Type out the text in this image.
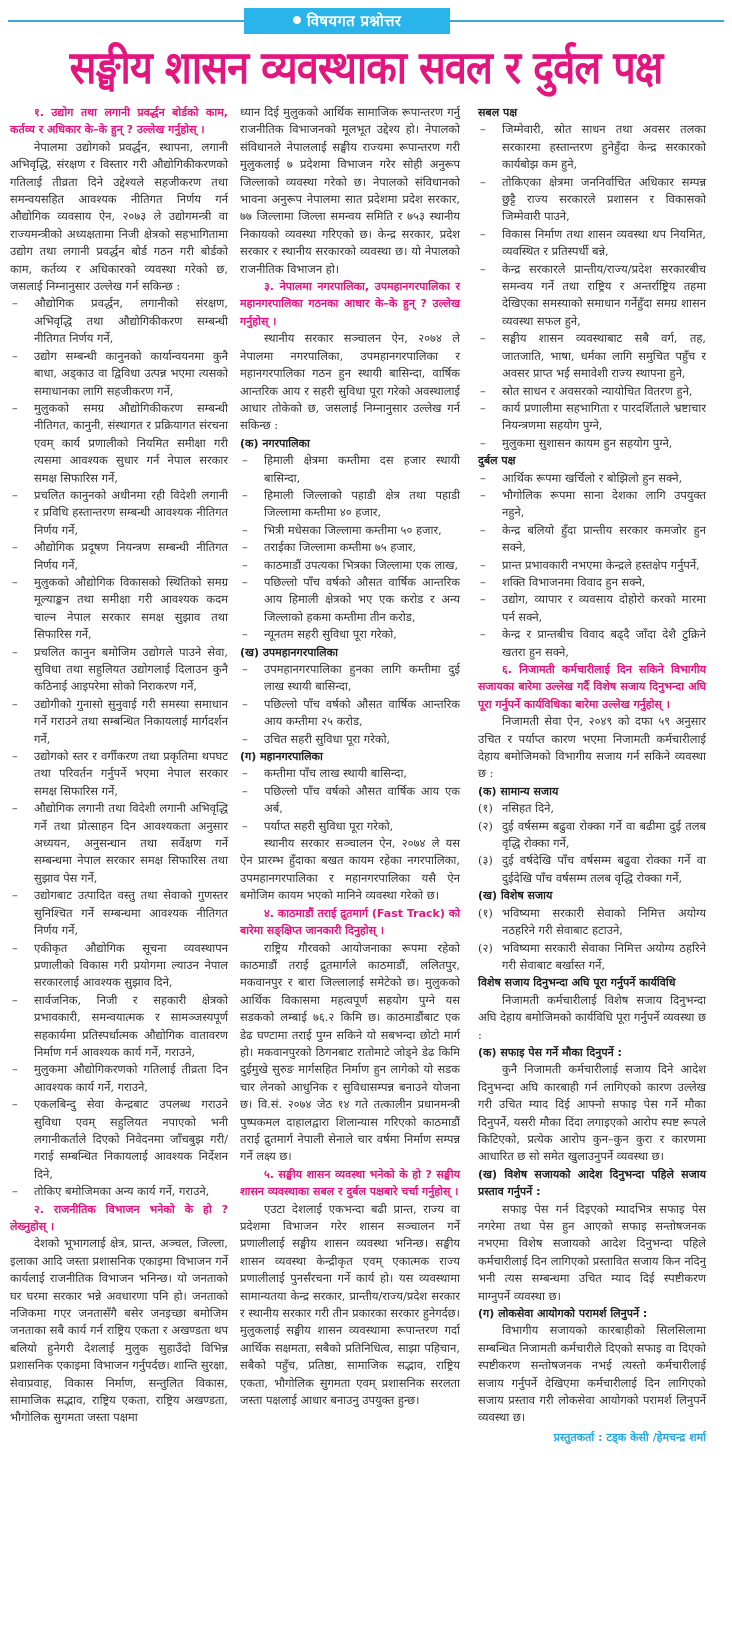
विषयगत प्रश्नोत्तर
सङ्घीय शासन व्यवस्थाका सवल र दुर्वल पक्ष

१. उद्योग तथा लगानी प्रवर्द्धन बोर्डको काम, कर्तव्य र अधिकार के–के हुन् ? उल्लेख गर्नुहोस् ।

नेपालमा उद्योगको प्रवर्द्धन, स्थापना, लगानी अभिवृद्धि, संरक्षण र विस्तार गरी औद्योगिकीकरणको गतिलाई तीव्रता दिने उद्देश्यले सहजीकरण तथा समन्वयसहित आवश्यक नीतिगत निर्णय गर्न औद्योगिक व्यवसाय ऐन, २०७३ ले उद्योगमन्त्री वा राज्यमन्त्रीको अध्यक्षतामा निजी क्षेत्रको सहभागितामा उद्योग तथा लगानी प्रवर्द्धन बोर्ड गठन गरी बोर्डको काम, कर्तव्य र अधिकारको व्यवस्था गरेको छ, जसलाई निम्नानुसार उल्लेख गर्न सकिन्छ :

– औद्योगिक प्रवर्द्धन, लगानीको संरक्षण, अभिवृद्धि तथा औद्योगिकीकरण सम्बन्धी नीतिगत निर्णय गर्ने,
– उद्योग सम्बन्धी कानुनको कार्यान्वयनमा कुनै बाधा, अड्काउ वा द्विविधा उत्पन्न भएमा त्यसको समाधानका लागि सहजीकरण गर्ने,
– मुलुकको समग्र औद्योगिकीकरण सम्बन्धी नीतिगत, कानुनी, संस्थागत र प्रक्रियागत संरचना एवम् कार्य प्रणालीको नियमित समीक्षा गरी त्यसमा आवश्यक सुधार गर्न नेपाल सरकार समक्ष सिफारिस गर्ने,
– प्रचलित कानुनको अधीनमा रही विदेशी लगानी र प्रविधि हस्तान्तरण सम्बन्धी आवश्यक नीतिगत निर्णय गर्ने,
– औद्योगिक प्रदूषण नियन्त्रण सम्बन्धी नीतिगत निर्णय गर्ने,
– मुलुकको औद्योगिक विकासको स्थितिको समग्र मूल्याङ्कन तथा समीक्षा गरी आवश्यक कदम चाल्न नेपाल सरकार समक्ष सुझाव तथा सिफारिस गर्ने,
– प्रचलित कानुन बमोजिम उद्योगले पाउने सेवा, सुविधा तथा सहुलियत उद्योगलाई दिलाउन कुनै कठिनाई आइपरेमा सोको निराकरण गर्ने,
– उद्योगीको गुनासो सुनुवाई गरी समस्या समाधान गर्ने गराउने तथा सम्बन्धित निकायलाई मार्गदर्शन गर्ने,
– उद्योगको स्तर र वर्गीकरण तथा प्रकृतिमा थपघट तथा परिवर्तन गर्नुपर्ने भएमा नेपाल सरकार समक्ष सिफारिस गर्ने,
– औद्योगिक लगानी तथा विदेशी लगानी अभिवृद्धि गर्ने तथा प्रोत्साहन दिन आवश्यकता अनुसार अध्ययन, अनुसन्धान तथा सर्वेक्षण गर्ने सम्बन्धमा नेपाल सरकार समक्ष सिफारिस तथा सुझाव पेस गर्ने,
– उद्योगबाट उत्पादित वस्तु तथा सेवाको गुणस्तर सुनिश्चित गर्ने सम्बन्धमा आवश्यक नीतिगत निर्णय गर्ने,
– एकीकृत औद्योगिक सूचना व्यवस्थापन प्रणालीको विकास गरी प्रयोगमा ल्याउन नेपाल सरकारलाई आवश्यक सुझाव दिने,
– सार्वजनिक, निजी र सहकारी क्षेत्रको प्रभावकारी, समन्वयात्मक र सामञ्जस्यपूर्ण सहकार्यमा प्रतिस्पर्धात्मक औद्योगिक वातावरण निर्माण गर्न आवश्यक कार्य गर्ने, गराउने,
– मुलुकमा औद्योगिकरणको गतिलाई तीव्रता दिन आवश्यक कार्य गर्ने, गराउने,
– एकलबिन्दु सेवा केन्द्रबाट उपलब्ध गराउने सुविधा एवम् सहुलियत नपाएको भनी लगानीकर्ताले दिएको निवेदनमा जाँचबुझ गरी/गराई सम्बन्धित निकायलाई आवश्यक निर्देशन दिने,
– तोकिए बमोजिमका अन्य कार्य गर्ने, गराउने,

२. राजनीतिक विभाजन भनेको के हो ? लेख्नुहोस् ।

देशको भूभागलाई क्षेत्र, प्रान्त, अञ्चल, जिल्ला, इलाका आदि जस्ता प्रशासनिक एकाइमा विभाजन गर्ने कार्यलाई राजनीतिक विभाजन भनिन्छ। यो जनताको घर घरमा सरकार भन्ने अवधारणा पनि हो। जनताको नजिकमा गएर जनतासँगै बसेर जनइच्छा बमोजिम जनताका सबै कार्य गर्न राष्ट्रिय एकता र अखण्डता थप बलियो हुनेगरी देशलाई मुलुक सुहाउँदो विभिन्न प्रशासनिक एकाइमा विभाजन गर्नुपर्दछ। शान्ति सुरक्षा, सेवाप्रवाह, विकास निर्माण, सन्तुलित विकास, सामाजिक सद्भाव, राष्ट्रिय एकता, राष्ट्रिय अखण्डता, भौगोलिक सुगमता जस्ता पक्षमा

ध्यान दिई मुलुकको आर्थिक सामाजिक रूपान्तरण गर्नु राजनीतिक विभाजनको मूलभूत उद्देश्य हो। नेपालको संविधानले नेपाललाई सङ्घीय राज्यमा रूपान्तरण गरी मुलुकलाई ७ प्रदेशमा विभाजन गरेर सोही अनुरूप जिल्लाको व्यवस्था गरेको छ। नेपालको संविधानको भावना अनुरूप नेपालमा सात प्रदेशमा प्रदेश सरकार, ७७ जिल्लामा जिल्ला समन्वय समिति र ७५३ स्थानीय निकायको व्यवस्था गरिएको छ। केन्द्र सरकार, प्रदेश सरकार र स्थानीय सरकारको व्यवस्था छ। यो नेपालको राजनीतिक विभाजन हो।

३. नेपालमा नगरपालिका, उपमहानगरपालिका र महानगरपालिका गठनका आधार के–के हुन् ? उल्लेख गर्नुहोस् ।

स्थानीय सरकार सञ्चालन ऐन, २०७४ ले नेपालमा नगरपालिका, उपमहानगरपालिका र महानगरपालिका गठन हुन स्थायी बासिन्दा, वार्षिक आन्तरिक आय र सहरी सुविधा पूरा गरेको अवस्थालाई आधार तोकेको छ, जसलाई निम्नानुसार उल्लेख गर्न सकिन्छ :

(क) नगरपालिका

– हिमाली क्षेत्रमा कम्तीमा दस हजार स्थायी बासिन्दा,
– हिमाली जिल्लाको पहाडी क्षेत्र तथा पहाडी जिल्लामा कम्तीमा ४० हजार,
– भित्री मधेसका जिल्लामा कम्तीमा ५० हजार,
– तराईका जिल्लामा कम्तीमा ७५ हजार,
– काठमाडौं उपत्यका भित्रका जिल्लामा एक लाख,
– पछिल्लो पाँच वर्षको औसत वार्षिक आन्तरिक आय हिमाली क्षेत्रको भए एक करोड र अन्य जिल्लाको हकमा कम्तीमा तीन करोड,
– न्यूनतम सहरी सुविधा पूरा गरेको,

(ख) उपमहानगरपालिका

– उपमहानगरपालिका हुनका लागि कम्तीमा दुई लाख स्थायी बासिन्दा,
– पछिल्लो पाँच वर्षको औसत वार्षिक आन्तरिक आय कम्तीमा २५ करोड,
– उचित सहरी सुविधा पूरा गरेको,

(ग) महानगरपालिका

– कम्तीमा पाँच लाख स्थायी बासिन्दा,
– पछिल्लो पाँच वर्षको औसत वार्षिक आय एक अर्ब,
– पर्याप्त सहरी सुविधा पूरा गरेको,

स्थानीय सरकार सञ्चालन ऐन, २०७४ ले यस ऐन प्रारम्भ हुँदाका बखत कायम रहेका नगरपालिका, उपमहानगरपालिका र महानगरपालिका यसै ऐन बमोजिम कायम भएको मानिने व्यवस्था गरेको छ।

४. काठमाडौं तराई द्रुतमार्ग (Fast Track) को बारेमा सङ्क्षिप्त जानकारी दिनुहोस् ।

राष्ट्रिय गौरवको आयोजनाका रूपमा रहेको काठमाडौं तराई द्रुतमार्गले काठमाडौं, ललितपुर, मकवानपुर र बारा जिल्लालाई समेटेको छ। मुलुकको आर्थिक विकासमा महत्वपूर्ण सहयोग पुग्ने यस सडकको लम्बाई ७६.२ किमि छ। काठमाडौंबाट एक डेढ घण्टामा तराई पुग्न सकिने यो सबभन्दा छोटो मार्ग हो। मकवानपुरको ठिगनबाट रातोमाटे जोड्ने डेढ किमि दुईमुखे सुरुङ मार्गसहित निर्माण हुन लागेको यो सडक चार लेनको आधुनिक र सुविधासम्पन्न बनाउने योजना छ। वि.सं. २०७४ जेठ १४ गते तत्कालीन प्रधानमन्त्री पुष्पकमल दाहालद्वारा शिलान्यास गरिएको काठमाडौं तराई द्रुतमार्ग नेपाली सेनाले चार वर्षमा निर्माण सम्पन्न गर्ने लक्ष्य छ।

५. सङ्घीय शासन व्यवस्था भनेको के हो ? सङ्घीय शासन व्यवस्थाका सबल र दुर्बल पक्षबारे चर्चा गर्नुहोस् ।

एउटा देशलाई एकभन्दा बढी प्रान्त, राज्य वा प्रदेशमा विभाजन गरेर शासन सञ्चालन गर्ने प्रणालीलाई सङ्घीय शासन व्यवस्था भनिन्छ। सङ्घीय शासन व्यवस्था केन्द्रीकृत एवम् एकात्मक राज्य प्रणालीलाई पुनर्संरचना गर्ने कार्य हो। यस व्यवस्थामा सामान्यतया केन्द्र सरकार, प्रान्तीय/राज्य/प्रदेश सरकार र स्थानीय सरकार गरी तीन प्रकारका सरकार हुनेगर्दछ। मुलुकलाई सङ्घीय शासन व्यवस्थामा रूपान्तरण गर्दा आर्थिक सक्षमता, सबैको प्रतिनिधित्व, साझा पहिचान, सबैको पहुँच, प्रतिष्ठा, सामाजिक सद्भाव, राष्ट्रिय एकता, भौगोलिक सुगमता एवम् प्रशासनिक सरलता जस्ता पक्षलाई आधार बनाउनु उपयुक्त हुन्छ।

सबल पक्ष

– जिम्मेवारी, स्रोत साधन तथा अवसर तलका सरकारमा हस्तान्तरण हुनेहुँदा केन्द्र सरकारको कार्यबोझ कम हुने,
– तोकिएका क्षेत्रमा जननिर्वाचित अधिकार सम्पन्न छुट्टै राज्य सरकारले प्रशासन र विकासको जिम्मेवारी पाउने,
– विकास निर्माण तथा शासन व्यवस्था थप नियमित, व्यवस्थित र प्रतिस्पर्धी बन्ने,
– केन्द्र सरकारले प्रान्तीय/राज्य/प्रदेश सरकारबीच समन्वय गर्ने तथा राष्ट्रिय र अन्तर्राष्ट्रिय तहमा देखिएका समस्याको समाधान गर्नेहुँदा समग्र शासन व्यवस्था सफल हुने,
– सङ्घीय शासन व्यवस्थाबाट सबै वर्ग, तह, जातजाति, भाषा, धर्मका लागि समुचित पहुँच र अवसर प्राप्त भई समावेशी राज्य स्थापना हुने,
– स्रोत साधन र अवसरको न्यायोचित वितरण हुने,
– कार्य प्रणालीमा सहभागिता र पारदर्शिताले भ्रष्टाचार नियन्त्रणमा सहयोग पुग्ने,
– मुलुकमा सुशासन कायम हुन सहयोग पुग्ने,

दुर्बल पक्ष

– आर्थिक रूपमा खर्चिलो र बोझिलो हुन सक्ने,
– भौगोलिक रूपमा साना देशका लागि उपयुक्त नहुने,
– केन्द्र बलियो हुँदा प्रान्तीय सरकार कमजोर हुन सक्ने,
– प्रान्त प्रभावकारी नभएमा केन्द्रले हस्तक्षेप गर्नुपर्ने,
– शक्ति विभाजनमा विवाद हुन सक्ने,
– उद्योग, व्यापार र व्यवसाय दोहोरो करको मारमा पर्न सक्ने,
– केन्द्र र प्रान्तबीच विवाद बढ्दै जाँदा देशै टुक्रिने खतरा हुन सक्ने,

६. निजामती कर्मचारीलाई दिन सकिने विभागीय सजायका बारेमा उल्लेख गर्दै विशेष सजाय दिनुभन्दा अघि पूरा गर्नुपर्ने कार्यविधिका बारेमा उल्लेख गर्नुहोस् ।

निजामती सेवा ऐन, २०४९ को दफा ५९ अनुसार उचित र पर्याप्त कारण भएमा निजामती कर्मचारीलाई देहाय बमोजिमको विभागीय सजाय गर्न सकिने व्यवस्था छ :

(क) सामान्य सजाय

(१) नसिहत दिने,
(२) दुई वर्षसम्म बढुवा रोक्का गर्ने वा बढीमा दुई तलब वृद्धि रोक्का गर्ने,
(३) दुई वर्षदेखि पाँच वर्षसम्म बढुवा रोक्का गर्ने वा दुईदेखि पाँच वर्षसम्म तलब वृद्धि रोक्का गर्ने,

(ख) विशेष सजाय

(१) भविष्यमा सरकारी सेवाको निमित्त अयोग्य नठहरिने गरी सेवाबाट हटाउने,
(२) भविष्यमा सरकारी सेवाका निमित्त अयोग्य ठहरिने गरी सेवाबाट बर्खास्त गर्ने,

विशेष सजाय दिनुभन्दा अघि पूरा गर्नुपर्ने कार्यविधि

निजामती कर्मचारीलाई विशेष सजाय दिनुभन्दा अघि देहाय बमोजिमको कार्यविधि पूरा गर्नुपर्ने व्यवस्था छ :

(क) सफाइ पेस गर्ने मौका दिनुपर्ने :

कुनै निजामती कर्मचारीलाई सजाय दिने आदेश दिनुभन्दा अघि कारबाही गर्न लागिएको कारण उल्लेख गरी उचित म्याद दिई आफ्नो सफाइ पेस गर्ने मौका दिनुपर्ने, यसरी मौका दिंदा लगाइएको आरोप स्पष्ट रूपले किटिएको, प्रत्येक आरोप कुन–कुन कुरा र कारणमा आधारित छ सो समेत खुलाउनुपर्ने व्यवस्था छ।

(ख) विशेष सजायको आदेश दिनुभन्दा पहिले सजाय प्रस्ताव गर्नुपर्ने :

सफाइ पेस गर्न दिइएको म्यादभित्र सफाइ पेस नगरेमा तथा पेस हुन आएको सफाइ सन्तोषजनक नभएमा विशेष सजायको आदेश दिनुभन्दा पहिले कर्मचारीलाई दिन लागिएको प्रस्तावित सजाय किन नदिनु भनी त्यस सम्बन्धमा उचित म्याद दिई स्पष्टीकरण माग्नुपर्ने व्यवस्था छ।

(ग) लोकसेवा आयोगको परामर्श लिनुपर्ने :

विभागीय सजायको कारबाहीको सिलसिलामा सम्बन्धित निजामती कर्मचारीले दिएको सफाइ वा दिएको स्पष्टीकरण सन्तोषजनक नभई त्यस्तो कर्मचारीलाई सजाय गर्नुपर्ने देखिएमा कर्मचारीलाई दिन लागिएको सजाय प्रस्ताव गरी लोकसेवा आयोगको परामर्श लिनुपर्ने व्यवस्था छ।

प्रस्तुतकर्ता : टड्क केसी /हेमचन्द्र शर्मा
